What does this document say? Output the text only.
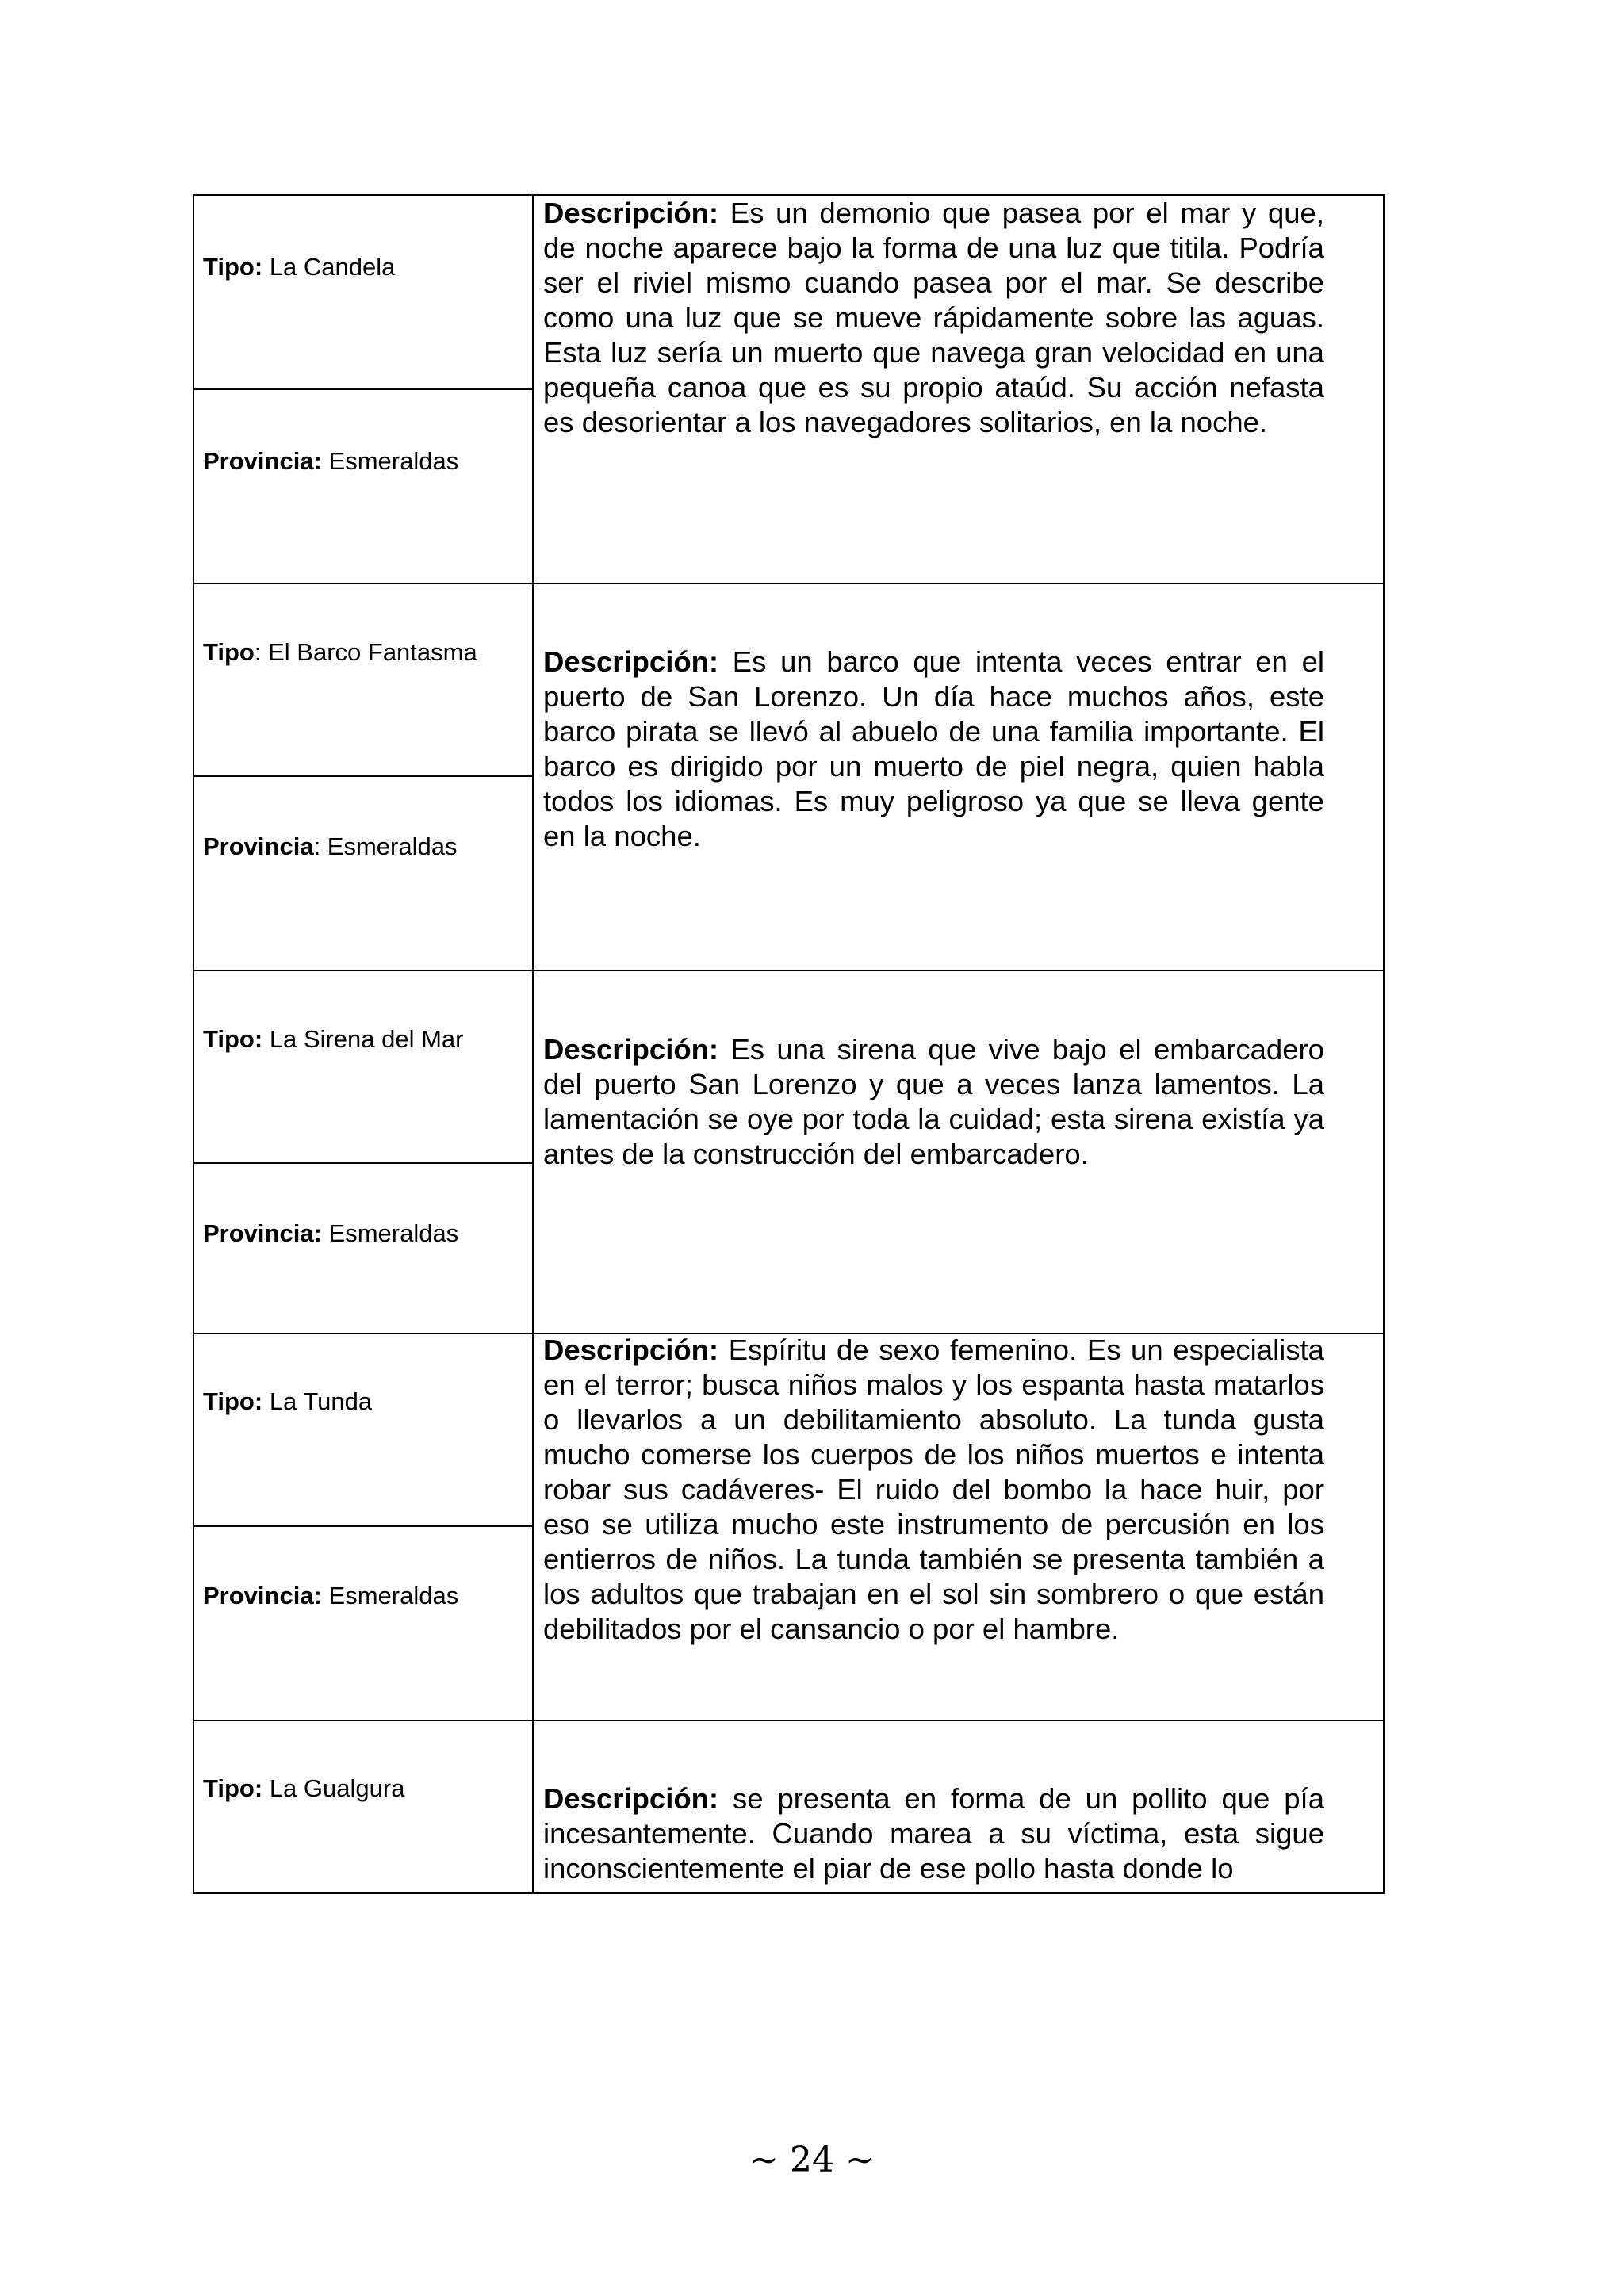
Tipo: La Candela
Provincia: Esmeraldas
Descripción: Es un demonio que pasea por el mar y que, de noche aparece bajo la forma de una luz que titila. Podría ser el riviel mismo cuando pasea por el mar. Se describe como una luz que se mueve rápidamente sobre las aguas. Esta luz sería un muerto que navega gran velocidad en una pequeña canoa que es su propio ataúd. Su acción nefasta es desorientar a los navegadores solitarios, en la noche.
Tipo: El Barco Fantasma
Provincia: Esmeraldas
Descripción: Es un barco que intenta veces entrar en el puerto de San Lorenzo. Un día hace muchos años, este barco pirata se llevó al abuelo de una familia importante. El barco es dirigido por un muerto de piel negra, quien habla todos los idiomas. Es muy peligroso ya que se lleva gente en la noche.
Tipo: La Sirena del Mar
Provincia: Esmeraldas
Descripción: Es una sirena que vive bajo el embarcadero del puerto San Lorenzo y que a veces lanza lamentos. La lamentación se oye por toda la cuidad; esta sirena existía ya antes de la construcción del embarcadero.
Tipo: La Tunda
Provincia: Esmeraldas
Descripción: Espíritu de sexo femenino. Es un especialista en el terror; busca niños malos y los espanta hasta matarlos o llevarlos a un debilitamiento absoluto. La tunda gusta mucho comerse los cuerpos de los niños muertos e intenta robar sus cadáveres- El ruido del bombo la hace huir, por eso se utiliza mucho este instrumento de percusión en los entierros de niños. La tunda también se presenta también a los adultos que trabajan en el sol sin sombrero o que están debilitados por el cansancio o por el hambre.
Tipo: La Gualgura	Descripción: se presenta en forma de un pollito que pía incesantemente. Cuando marea a su víctima, esta sigue inconscientemente el piar de ese pollo hasta donde lo
~ 24 ~
